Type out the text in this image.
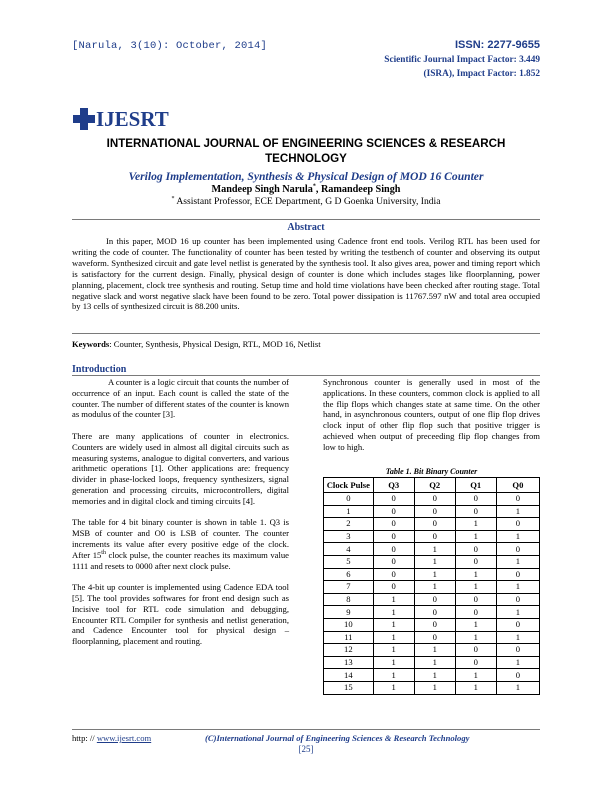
[Narula, 3(10): October, 2014]	ISSN: 2277-9655
Scientific Journal Impact Factor: 3.449
(ISRA), Impact Factor: 1.852
IJESRT
INTERNATIONAL JOURNAL OF ENGINEERING SCIENCES & RESEARCH TECHNOLOGY
Verilog Implementation, Synthesis & Physical Design of MOD 16 Counter
Mandeep Singh Narula*, Ramandeep Singh
* Assistant Professor, ECE Department, G D Goenka University, India
Abstract
In this paper, MOD 16 up counter has been implemented using Cadence front end tools. Verilog RTL has been used for writing the code of counter. The functionality of counter has been tested by writing the testbench of counter and observing its output waveform. Synthesized circuit and gate level netlist is generated by the synthesis tool. It also gives area, power and timing report which is satisfactory for the current design. Finally, physical design of counter is done which includes stages like floorplanning, power planning, placement, clock tree synthesis and routing. Setup time and hold time violations have been checked after routing stage. Total negative slack and worst negative slack have been found to be zero. Total power dissipation is 11767.597 nW and total area occupied by 13 cells of synthesized circuit is 88.200 units.
Keywords: Counter, Synthesis, Physical Design, RTL, MOD 16, Netlist
Introduction

A counter is a logic circuit that counts the number of occurrence of an input. Each count is called the state of the counter. The number of different states of the counter is known as modulus of the counter [3].

There are many applications of counter in electronics. Counters are widely used in almost all digital circuits such as measuring systems, analogue to digital converters, and various arithmetic operations [1]. Other applications are: frequency divider in phase-locked loops, frequency synthesizers, signal generation and processing circuits, microcontrollers, digital memories and in digital clock and timing circuits [4].

The table for 4 bit binary counter is shown in table 1. Q3 is MSB of counter and O0 is LSB of counter. The counter increments its value after every positive edge of the clock. After 15th clock pulse, the counter reaches its maximum value 1111 and resets to 0000 after next clock pulse.

The 4-bit up counter is implemented using Cadence EDA tool [5]. The tool provides softwares for front end design such as Incisive tool for RTL code simulation and debugging, Encounter RTL Compiler for synthesis and netlist generation, and Cadence Encounter tool for physical design – floorplanning, placement and routing.

Synchronous counter is generally used in most of the applications. In these counters, common clock is applied to all the flip flops which changes state at same time. On the other hand, in asynchronous counters, output of one flip flop drives clock input of other flip flop such that positive trigger is achieved when output of preceeding flip flop changes from low to high.

Table 1. Bit Binary Counter
Clock Pulse	Q3	Q2	Q1	Q0
0	0	0	0	0
1	0	0	0	1
2	0	0	1	0
3	0	0	1	1
4	0	1	0	0
5	0	1	0	1
6	0	1	1	0
7	0	1	1	1
8	1	0	0	0
9	1	0	0	1
10	1	0	1	0
11	1	0	1	1
12	1	1	0	0
13	1	1	0	1
14	1	1	1	0
15	1	1	1	1
http: // www.ijesrt.com	(C)International Journal of Engineering Sciences & Research Technology
[25]
